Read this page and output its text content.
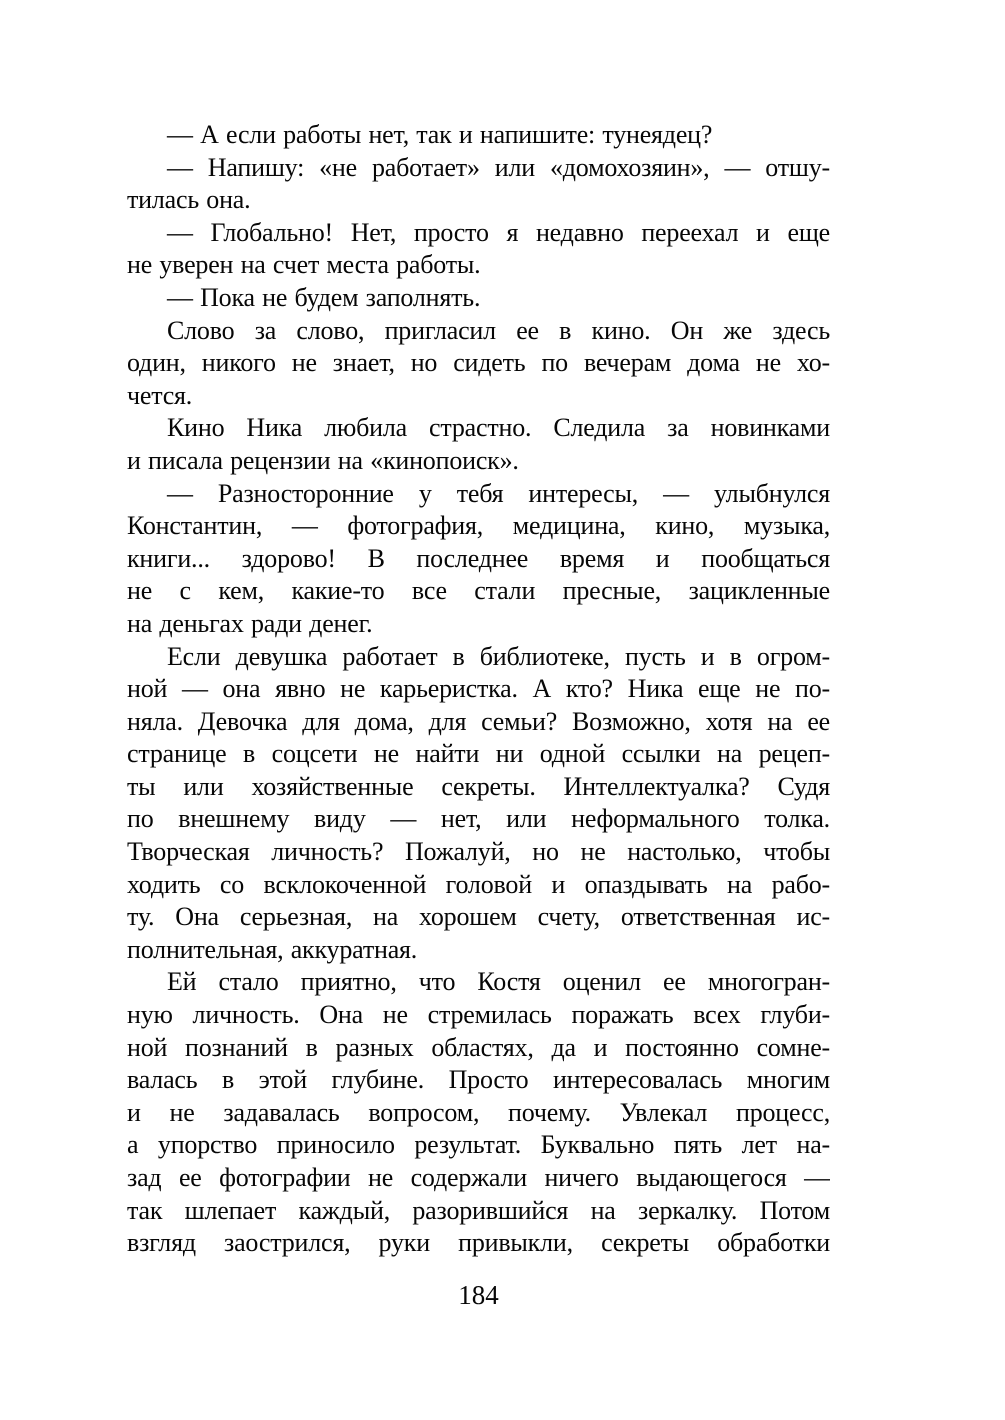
— А если работы нет, так и напишите: тунеядец?
— Напишу: «не работает» или «домохозяин», — отшу-
тилась она.
— Глобально! Нет, просто я недавно переехал и еще
не уверен на счет места работы.
— Пока не будем заполнять.
Слово за слово, пригласил ее в кино. Он же здесь
один, никого не знает, но сидеть по вечерам дома не хо-
чется.
Кино Ника любила страстно. Следила за новинками
и писала рецензии на «кинопоиск».
— Разносторонние у тебя интересы, — улыбнулся
Константин, — фотография, медицина, кино, музыка,
книги... здорово! В последнее время и пообщаться
не с кем, какие-то все стали пресные, зацикленные
на деньгах ради денег.
Если девушка работает в библиотеке, пусть и в огром-
ной — она явно не карьеристка. А кто? Ника еще не по-
няла. Девочка для дома, для семьи? Возможно, хотя на ее
странице в соцсети не найти ни одной ссылки на рецеп-
ты или хозяйственные секреты. Интеллектуалка? Судя
по внешнему виду — нет, или неформального толка.
Творческая личность? Пожалуй, но не настолько, чтобы
ходить со всклокоченной головой и опаздывать на рабо-
ту. Она серьезная, на хорошем счету, ответственная ис-
полнительная, аккуратная.
Ей стало приятно, что Костя оценил ее многогран-
ную личность. Она не стремилась поражать всех глуби-
ной познаний в разных областях, да и постоянно сомне-
валась в этой глубине. Просто интересовалась многим
и не задавалась вопросом, почему. Увлекал процесс,
а упорство приносило результат. Буквально пять лет на-
зад ее фотографии не содержали ничего выдающегося —
так шлепает каждый, разорившийся на зеркалку. Потом
взгляд заострился, руки привыкли, секреты обработки
184
